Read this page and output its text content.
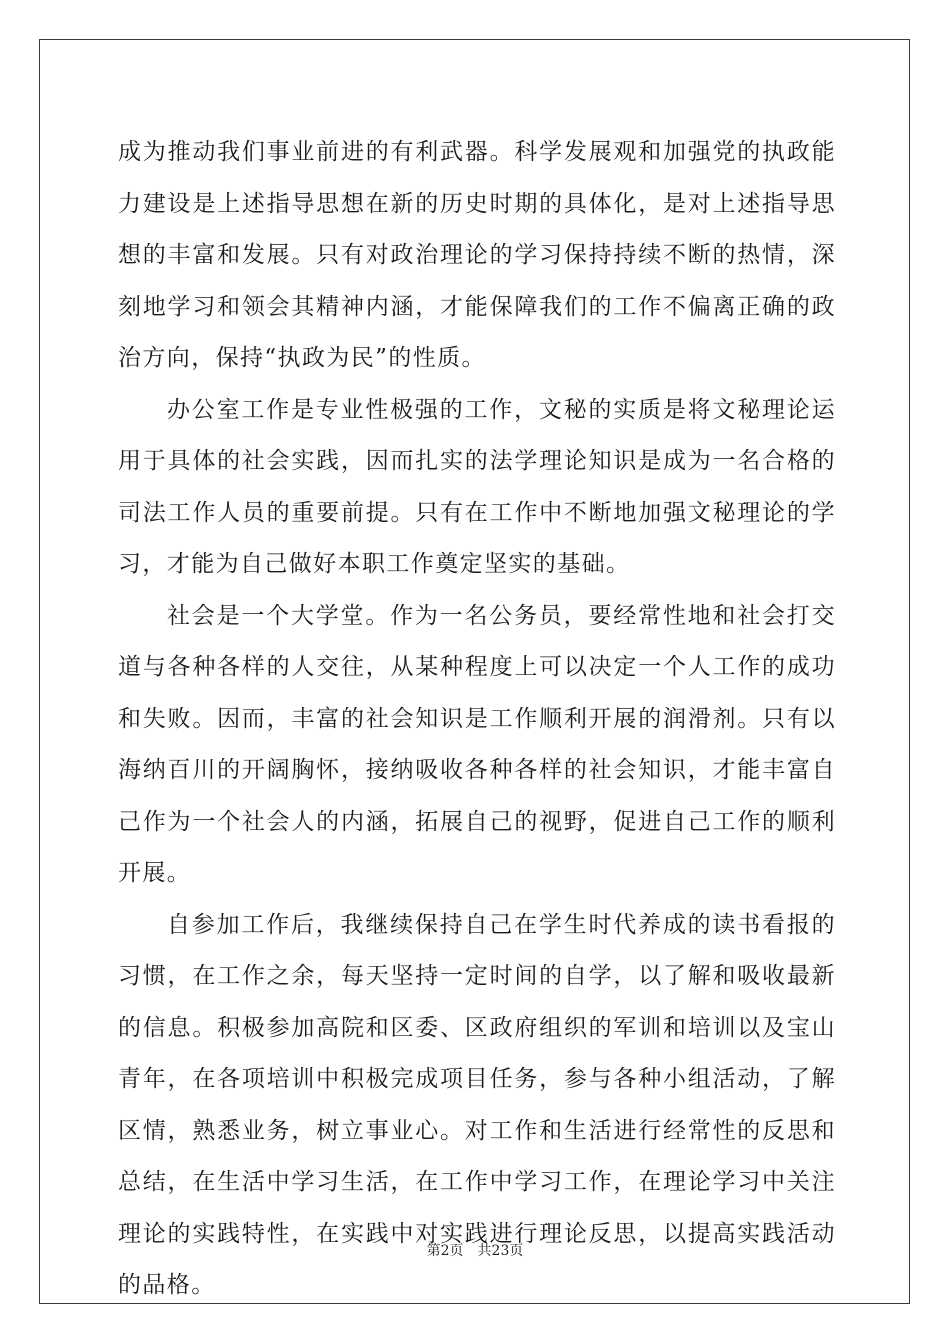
成为推动我们事业前进的有利武器。科学发展观和加强党的执政能力建设是上述指导思想在新的历史时期的具体化，是对上述指导思想的丰富和发展。只有对政治理论的学习保持持续不断的热情，深刻地学习和领会其精神内涵，才能保障我们的工作不偏离正确的政治方向，保持“执政为民”的性质。

办公室工作是专业性极强的工作，文秘的实质是将文秘理论运用于具体的社会实践，因而扎实的法学理论知识是成为一名合格的司法工作人员的重要前提。只有在工作中不断地加强文秘理论的学习，才能为自己做好本职工作奠定坚实的基础。

社会是一个大学堂。作为一名公务员，要经常性地和社会打交道与各种各样的人交往，从某种程度上可以决定一个人工作的成功和失败。因而，丰富的社会知识是工作顺利开展的润滑剂。只有以海纳百川的开阔胸怀，接纳吸收各种各样的社会知识，才能丰富自己作为一个社会人的内涵，拓展自己的视野，促进自己工作的顺利开展。

自参加工作后，我继续保持自己在学生时代养成的读书看报的习惯，在工作之余，每天坚持一定时间的自学，以了解和吸收最新的信息。积极参加高院和区委、区政府组织的军训和培训以及宝山青年，在各项培训中积极完成项目任务，参与各种小组活动，了解区情，熟悉业务，树立事业心。对工作和生活进行经常性的反思和总结，在生活中学习生活，在工作中学习工作，在理论学习中关注理论的实践特性，在实践中对实践进行理论反思，以提高实践活动的品格。

第2页 共23页
